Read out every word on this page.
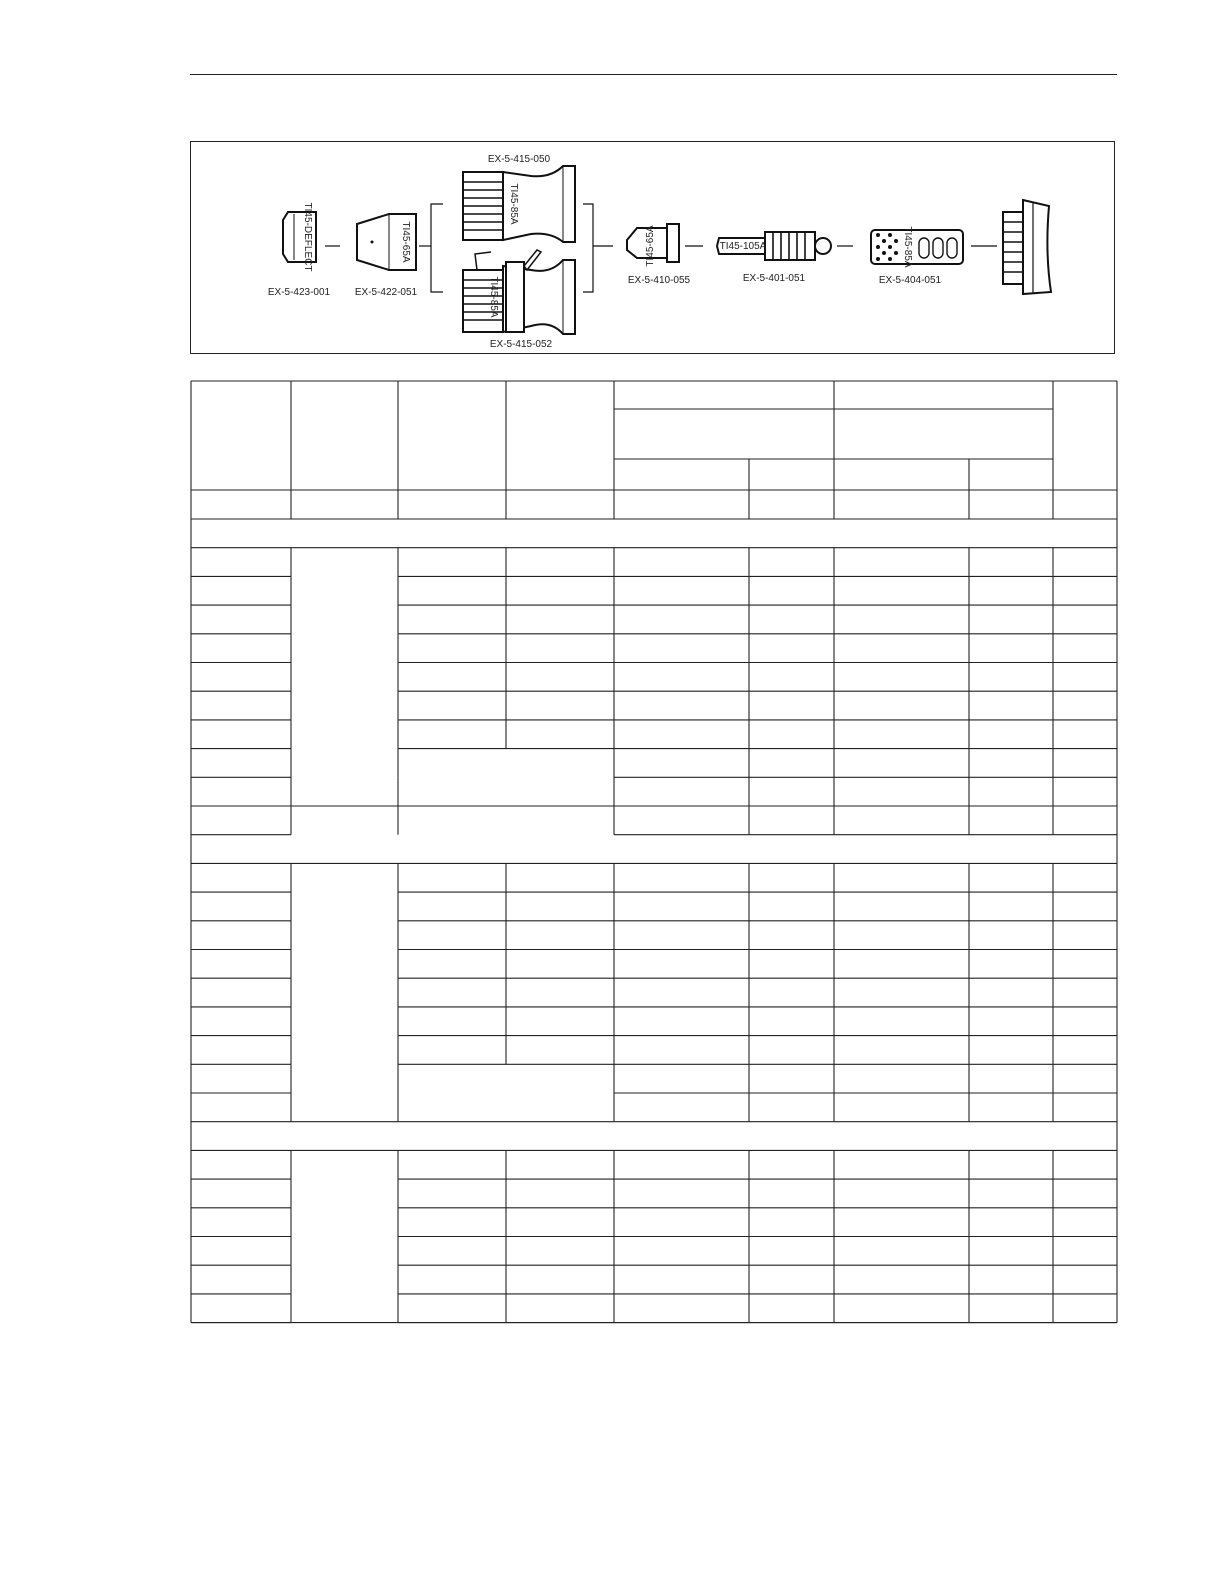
TI45-DEFLECT	TI45-65A
TI45-85A
TI45-85A
TI45-65A	TI45-105A	TI45-85A
EX-5-423-001 EX-5-422-051
EX-5-415-050
EX-5-415-052
EX-5-410-055	EX-5-401-051	EX-5-404-051
